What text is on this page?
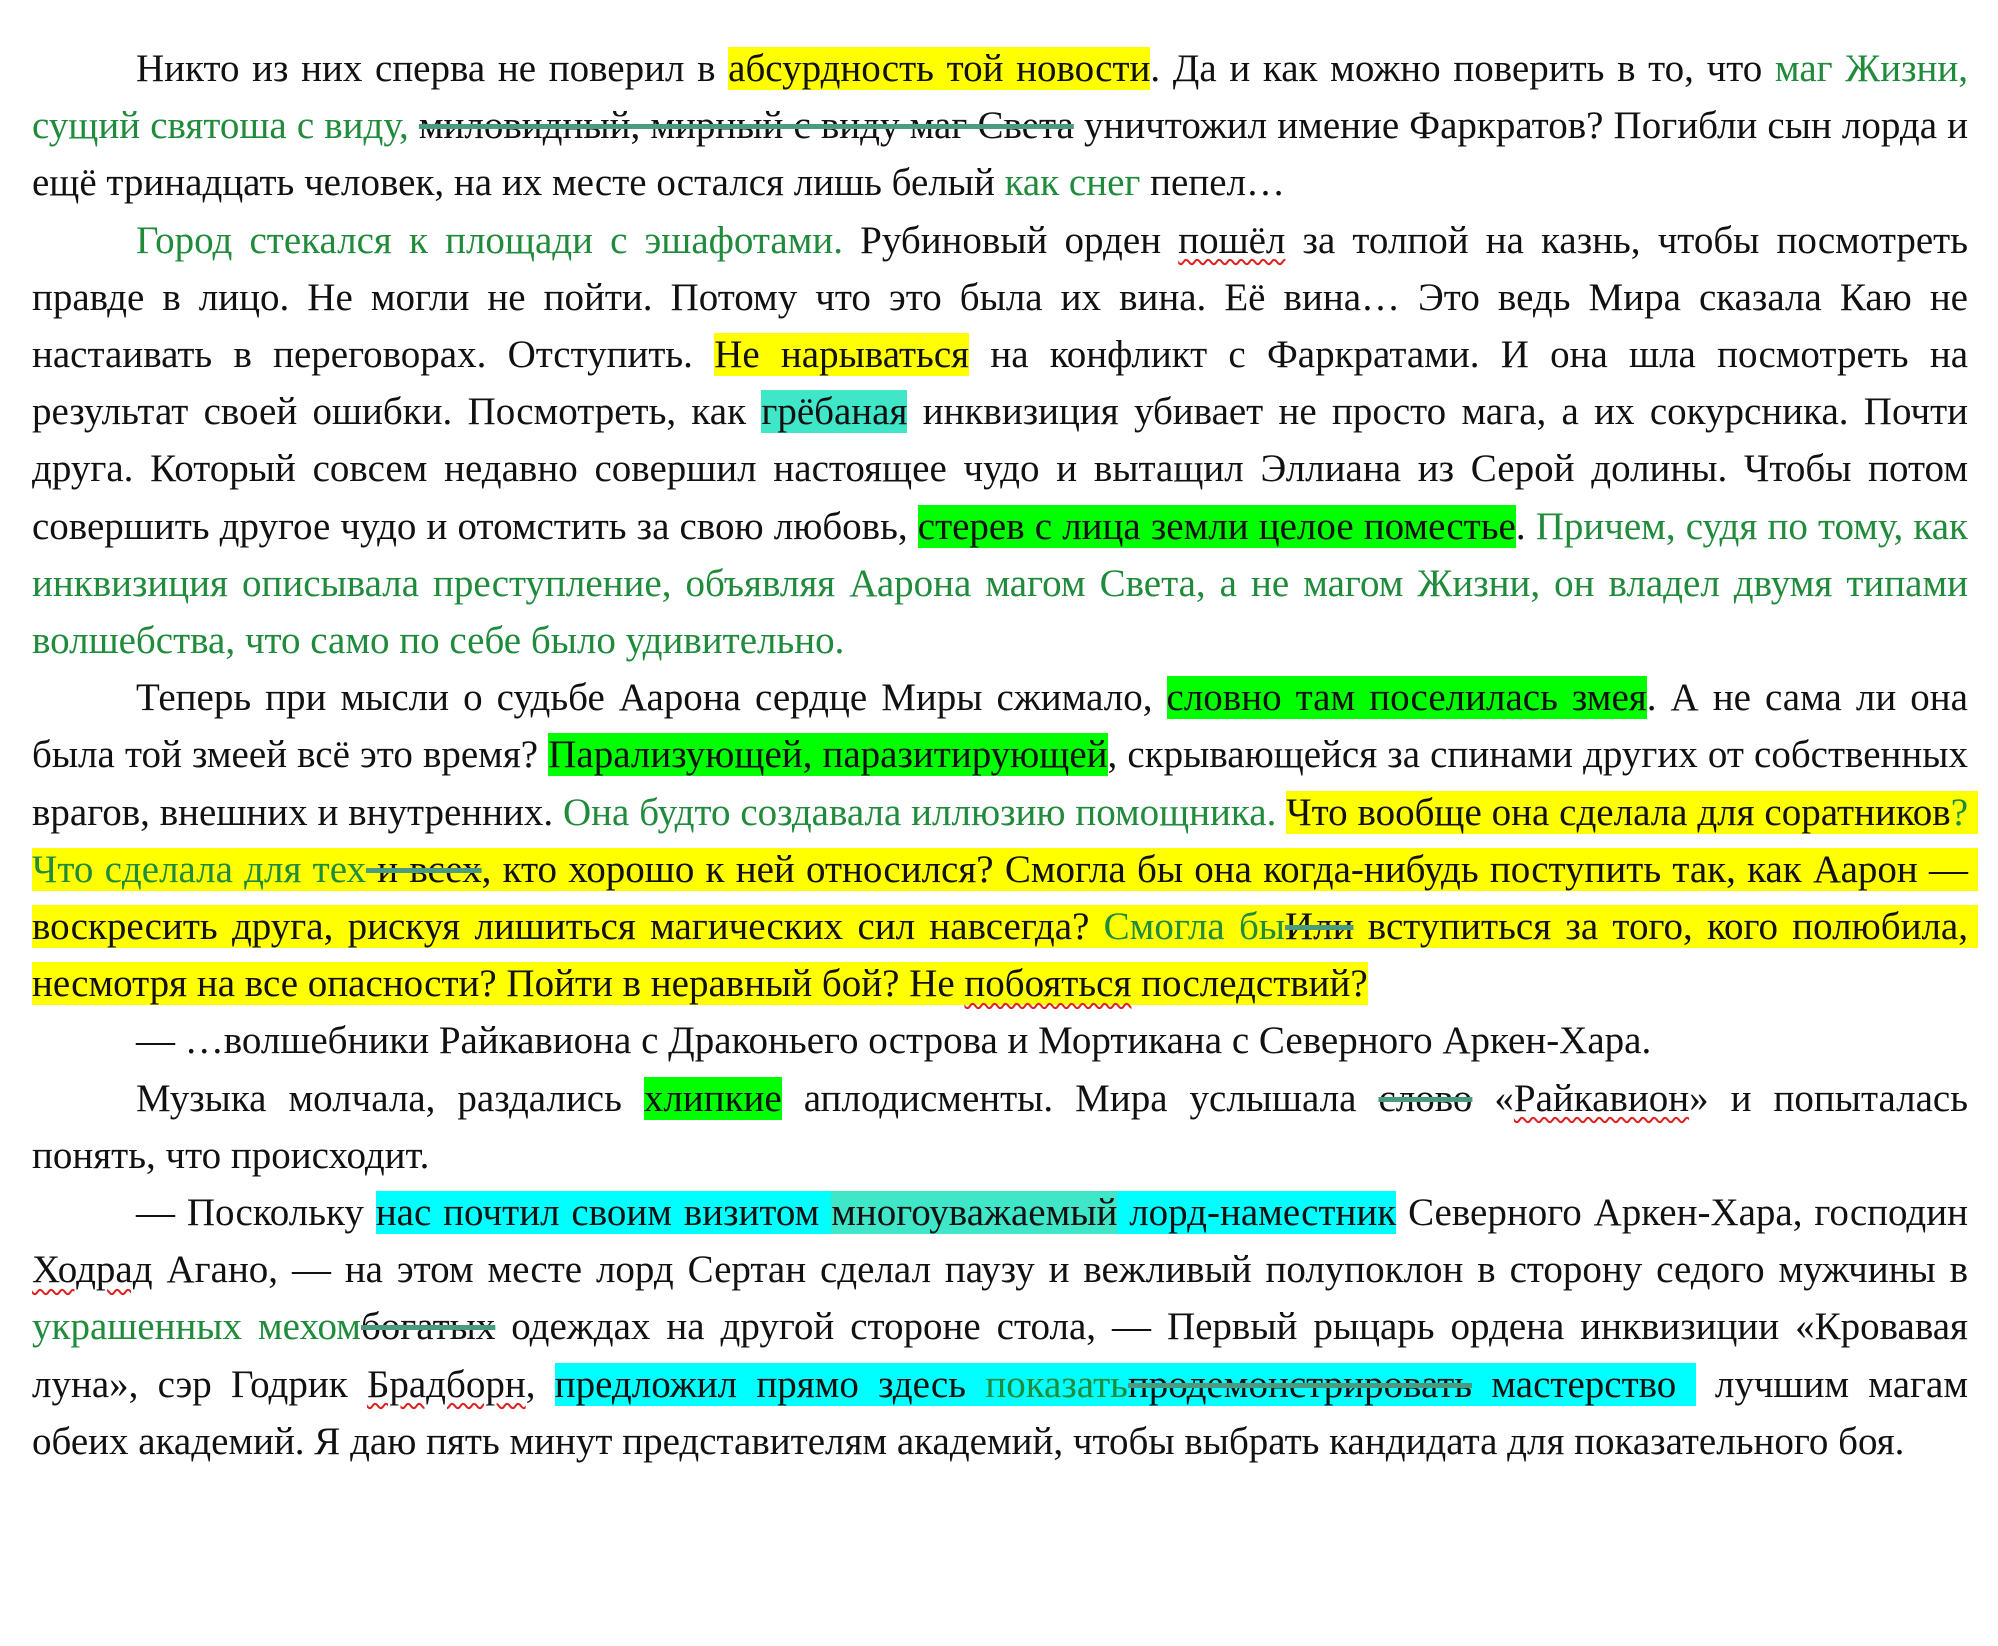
Никто из них сперва не поверил в абсурдность той новости. Да и как можно поверить в то, что маг Жизни, сущий святоша с виду, миловидный, мирный с виду маг Света уничтожил имение Фаркратов? Погибли сын лорда и ещё тринадцать человек, на их месте остался лишь белый как снег пепел…

Город стекался к площади с эшафотами. Рубиновый орден пошёл за толпой на казнь, чтобы посмотреть правде в лицо. Не могли не пойти. Потому что это была их вина. Её вина… Это ведь Мира сказала Каю не настаивать в переговорах. Отступить. Не нарываться на конфликт с Фаркратами. И она шла посмотреть на результат своей ошибки. Посмотреть, как грёбаная инквизиция убивает не просто мага, а их сокурсника. Почти друга. Который совсем недавно совершил настоящее чудо и вытащил Эллиана из Серой долины. Чтобы потом совершить другое чудо и отомстить за свою любовь, стерев с лица земли целое поместье. Причем, судя по тому, как инквизиция описывала преступление, объявляя Аарона магом Света, а не магом Жизни, он владел двумя типами волшебства, что само по себе было удивительно.

Теперь при мысли о судьбе Аарона сердце Миры сжимало, словно там поселилась змея. А не сама ли она была той змеей всё это время? Парализующей, паразитирующей, скрывающейся за спинами других от собственных врагов, внешних и внутренних. Она будто создавала иллюзию помощника. Что вообще она сделала для соратников? Что сделала для тех и всех, кто хорошо к ней относился? Смогла бы она когда-нибудь поступить так, как Аарон — воскресить друга, рискуя лишиться магических сил навсегда? Смогла быИли вступиться за того, кого полюбила, несмотря на все опасности? Пойти в неравный бой? Не побояться последствий?

— …волшебники Райкавиона с Драконьего острова и Мортикана с Северного Аркен-Хара.

Музыка молчала, раздались хлипкие аплодисменты. Мира услышала слово «Райкавион» и попыталась понять, что происходит.

— Поскольку нас почтил своим визитом многоуважаемый лорд-наместник Северного Аркен-Хара, господин Ходрад Агано, — на этом месте лорд Сертан сделал паузу и вежливый полупоклон в сторону седого мужчины в украшенных мехомбогатых одеждах на другой стороне стола, — Первый рыцарь ордена инквизиции «Кровавая луна», сэр Годрик Брадборн, предложил прямо здесь показатьпродемонстрировать мастерство  лучшим магам обеих академий. Я даю пять минут представителям академий, чтобы выбрать кандидата для показательного боя.
